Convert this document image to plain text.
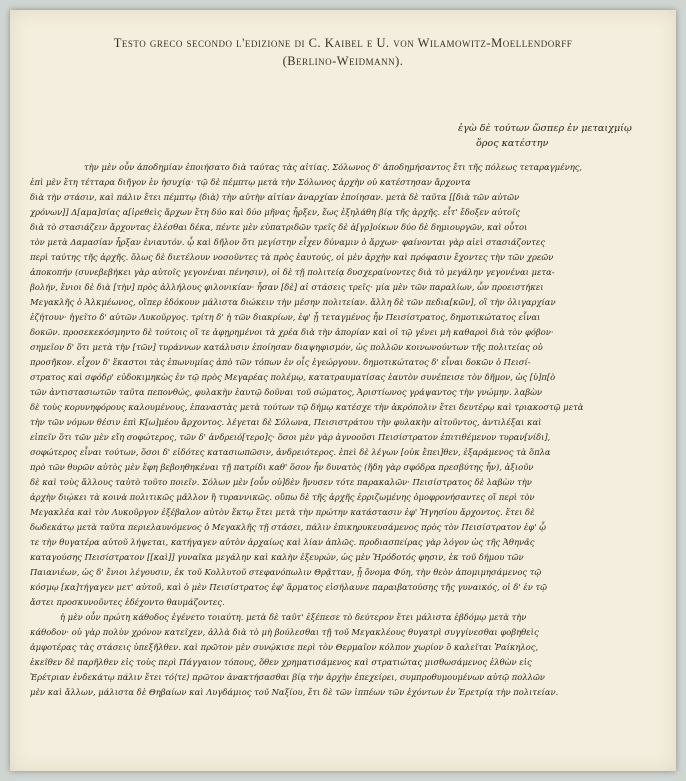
Testo greco secondo l'edizione di C. Kaibel e U. von Wilamowitz-Moellendorff
(Berlino-Weidmann).
ἐγὼ δὲ τούτων ὥσπερ ἐν μεταιχμίῳ
ὅρος κατέστην
τὴν μὲν οὖν ἀποδημίαν ἐποιήσατο διὰ ταύτας τὰς αἰτίας. Σόλωνος δ' ἀποδημήσαντος ἔτι τῆς πόλεως τεταραγμένης,
ἐπὶ μὲν ἔτη τέτταρα διῆγον ἐν ἡσυχίᾳ· τῷ δὲ πέμπτῳ μετὰ τὴν Σόλωνος ἀρχὴν οὐ κατέστησαν ἄρχοντα
διὰ τὴν στάσιν, καὶ πάλιν ἔτει πέμπτῳ ⟨διὰ⟩ τὴν αὐτὴν αἰτίαν ἀναρχίαν ἐποίησαν. μετὰ δὲ ταῦτα [[διὰ τῶν αὐτῶν
χρόνων]] Δ[αμα]σίας α[ἱρεθεὶς ἄρχων ἔτη δύο καὶ δύο μῆνας ἦρξεν, ἕως ἐξηλάθη βίᾳ τῆς ἀρχῆς. εἶτ' ἔδοξεν αὐτοῖς
διὰ τὸ στασιάζειν ἄρχοντας ἑλέσθαι δέκα, πέντε μὲν εὐπατριδῶν τρεῖς δὲ ἀ[γρ]οίκων δύο δὲ δημιουργῶν, καὶ οὗτοι
τὸν μετὰ Δαμασίαν ἦρξαν ἐνιαυτόν. ᾧ καὶ δῆλον ὅτι μεγίστην εἶχεν δύναμιν ὁ ἄρχων· φαίνονται γὰρ αἰεὶ στασιάζοντες
περὶ ταύτης τῆς ἀρχῆς. ὅλως δὲ διετέλουν νοσοῦντες τὰ πρὸς ἑαυτούς, οἱ μὲν ἀρχὴν καὶ πρόφασιν ἔχοντες τὴν τῶν χρεῶν
ἀποκοπήν (συνεβεβήκει γὰρ αὐτοῖς γεγονέναι πένησιν), οἱ δὲ τῇ πολιτείᾳ δυσχεραίνοντες διὰ τὸ μεγάλην γεγονέναι μετα-
βολήν, ἔνιοι δὲ διὰ [τὴν] πρὸς ἀλλήλους φιλονικίαν· ἦσαν [δὲ] αἱ στάσεις τρεῖς· μία μὲν τῶν παραλίων, ὧν προειστήκει
Μεγακλῆς ὁ Ἀλκμέωνος, οἵπερ ἐδόκουν μάλιστα διώκειν τὴν μέσην πολιτείαν. ἄλλη δὲ τῶν πεδια[κῶν], οἳ τὴν ὀλιγαρχίαν
ἐζήτουν· ἡγεῖτο δ' αὐτῶν Λυκοῦργος. τρίτη δ' ἡ τῶν διακρίων, ἐφ' ᾗ τεταγμένος ἦν Πεισίστρατος, δημοτικώτατος εἶναι
δοκῶν. προσεκεκόσμηντο δὲ τούτοις οἵ τε ἀφῃρημένοι τὰ χρέα διὰ τὴν ἀπορίαν καὶ οἱ τῷ γένει μὴ καθαροὶ διὰ τὸν φόβον·
σημεῖον δ' ὅτι μετὰ τὴν [τῶν] τυράννων κατάλυσιν ἐποίησαν διαψηφισμόν, ὡς πολλῶν κοινωνούντων τῆς πολιτείας οὐ
προσῆκον. εἶχον δ' ἕκαστοι τὰς ἐπωνυμίας ἀπὸ τῶν τόπων ἐν οἷς ἐγεώργουν. δημοτικώτατος δ' εἶναι δοκῶν ὁ Πεισί-
στρατος καὶ σφόδρ' εὐδοκιμηκὼς ἐν τῷ πρὸς Μεγαρέας πολέμῳ, κατατραυματίσας ἑαυτὸν συνέπεισε τὸν δῆμον, ὡς [ὑ]π[ὸ
τῶν ἀντιστασιωτῶν ταῦτα πεπονθώς, φυλακὴν ἑαυτῷ δοῦναι τοῦ σώματος, Ἀριστίωνος γράψαντος τὴν γνώμην. λαβὼν
δὲ τοὺς κορυνηφόρους καλουμένους, ἐπαναστὰς μετὰ τούτων τῷ δήμῳ κατέσχε τὴν ἀκρόπολιν ἔτει δευτέρῳ καὶ τριακοστῷ μετὰ
τὴν τῶν νόμων θέσιν ἐπὶ Κ[ω]μέου ἄρχοντος. λέγεται δὲ Σόλωνα, Πεισιστράτου τὴν φυλακὴν αἰτοῦντος, ἀντιλέξαι καὶ
εἰπεῖν ὅτι τῶν μὲν εἴη σοφώτερος, τῶν δ' ἀνδρειό[τερο]ς· ὅσοι μὲν γὰρ ἀγνοοῦσι Πεισίστρατον ἐπιτιθέμενον τυραν[νίδι],
σοφώτερος εἶναι τούτων, ὅσοι δ' εἰδότες κατασιωπῶσιν, ἀνδρειότερος. ἐπεὶ δὲ λέγων [οὐκ ἔπει]θεν, ἐξαράμενος τὰ ὅπλα
πρὸ τῶν θυρῶν αὐτὸς μὲν ἔφη βεβοηθηκέναι τῇ πατρίδι καθ' ὅσον ἦν δυνατὸς (ἤδη γὰρ σφόδρα πρεσβύτης ἦν), ἀξιοῦν
δὲ καὶ τοὺς ἄλλους ταὐτὸ τοῦτο ποιεῖν. Σόλων μὲν [οὖν οὐ]δὲν ἤνυσεν τότε παρακαλῶν· Πεισίστρατος δὲ λαβὼν τὴν
ἀρχὴν διῴκει τὰ κοινὰ πολιτικῶς μᾶλλον ἢ τυραννικῶς. οὔπω δὲ τῆς ἀρχῆς ἐρριζωμένης ὁμοφρονήσαντες οἵ περὶ τὸν
Μεγακλέα καὶ τὸν Λυκοῦργον ἐξέβαλον αὐτὸν ἕκτῳ ἔτει μετὰ τὴν πρώτην κατάστασιν ἐφ' Ἡγησίου ἄρχοντος. ἔτει δὲ
δωδεκάτῳ μετὰ ταῦτα περιελαυνόμενος ὁ Μεγακλῆς τῇ στάσει, πάλιν ἐπικηρυκευσάμενος πρὸς τὸν Πεισίστρατον ἐφ' ᾧ
τε τὴν θυγατέρα αὐτοῦ λήψεται, κατήγαγεν αὐτὸν ἀρχαίως καὶ λίαν ἁπλῶς. προδιασπείρας γὰρ λόγον ὡς τῆς Ἀθηνᾶς
καταγούσης Πεισίστρατον [[καὶ]] γυναῖκα μεγάλην καὶ καλὴν ἐξευρών, ὡς μὲν Ἡρόδοτός φησιν, ἐκ τοῦ δήμου τῶν
Παιανιέων, ὡς δ' ἔνιοι λέγουσιν, ἐκ τοῦ Κολλυτοῦ στεφανόπωλιν Θρᾷτταν, ᾗ ὄνομα Φύη, τὴν θεὸν ἀπομιμησάμενος τῷ
κόσμῳ [κα]τήγαγεν μετ' αὐτοῦ, καὶ ὁ μὲν Πεισίστρατος ἐφ' ἅρματος εἰσήλαυνε παραιβατούσης τῆς γυναικός, οἱ δ' ἐν τῷ
ἄστει προσκυνοῦντες ἐδέχοντο θαυμάζοντες.
ἡ μὲν οὖν πρώτη κάθοδος ἐγένετο τοιαύτη. μετὰ δὲ ταῦτ' ἐξέπεσε τὸ δεύτερον ἔτει μάλιστα ἑβδόμῳ μετὰ τὴν
κάθοδον· οὐ γὰρ πολὺν χρόνον κατεῖχεν, ἀλλὰ διὰ τὸ μὴ βούλεσθαι τῇ τοῦ Μεγακλέους θυγατρὶ συγγίνεσθαι φοβηθεὶς
ἀμφοτέρας τὰς στάσεις ὑπεξῆλθεν. καὶ πρῶτον μὲν συνῴκισε περὶ τὸν Θερμαῖον κόλπον χωρίον ὃ καλεῖται Ῥαίκηλος,
ἐκεῖθεν δὲ παρῆλθεν εἰς τοὺς περὶ Πάγγαιον τόπους, ὅθεν χρηματισάμενος καὶ στρατιώτας μισθωσάμενος ἐλθὼν εἰς
Ἐρέτριαν ἑνδεκάτῳ πάλιν ἔτει τό⟨τε⟩ πρῶτον ἀνακτήσασθαι βίᾳ τὴν ἀρχὴν ἐπεχείρει, συμπροθυμουμένων αὐτῷ πολλῶν
μὲν καὶ ἄλλων, μάλιστα δὲ Θηβαίων καὶ Λυγδάμιος τοῦ Ναξίου, ἔτι δὲ τῶν ἱππέων τῶν ἐχόντων ἐν Ἐρετρίᾳ τὴν πολιτείαν.
